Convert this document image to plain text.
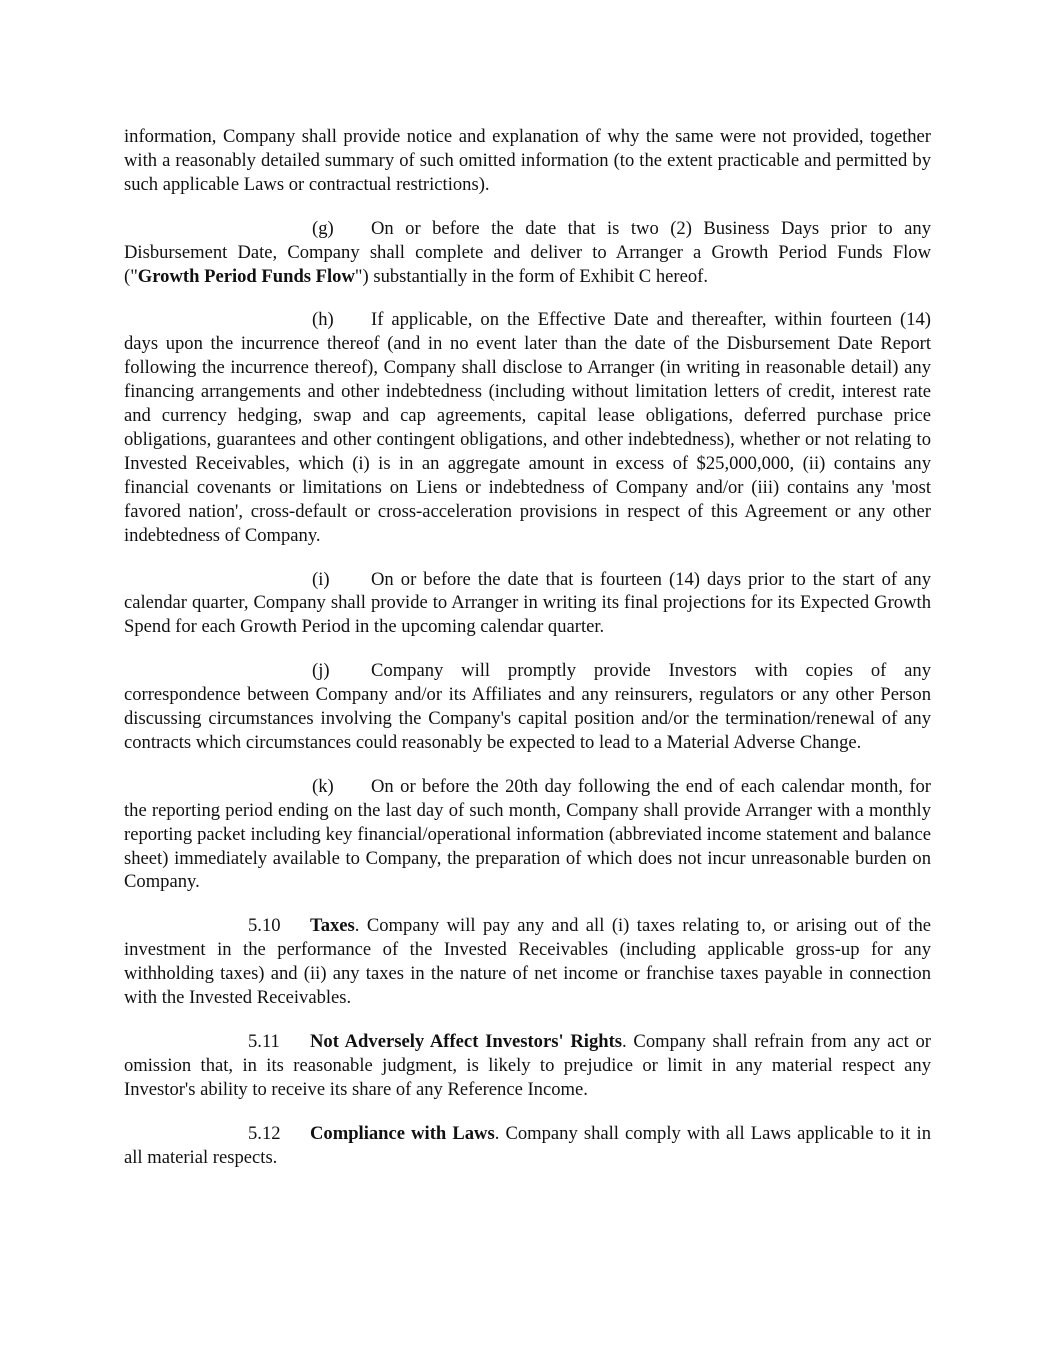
information, Company shall provide notice and explanation of why the same were not provided, together with a reasonably detailed summary of such omitted information (to the extent practicable and permitted by such applicable Laws or contractual restrictions).

(g) On or before the date that is two (2) Business Days prior to any Disbursement Date, Company shall complete and deliver to Arranger a Growth Period Funds Flow ("Growth Period Funds Flow") substantially in the form of Exhibit C hereof.

(h) If applicable, on the Effective Date and thereafter, within fourteen (14) days upon the incurrence thereof (and in no event later than the date of the Disbursement Date Report following the incurrence thereof), Company shall disclose to Arranger (in writing in reasonable detail) any financing arrangements and other indebtedness (including without limitation letters of credit, interest rate and currency hedging, swap and cap agreements, capital lease obligations, deferred purchase price obligations, guarantees and other contingent obligations, and other indebtedness), whether or not relating to Invested Receivables, which (i) is in an aggregate amount in excess of $25,000,000, (ii) contains any financial covenants or limitations on Liens or indebtedness of Company and/or (iii) contains any 'most favored nation', cross-default or cross-acceleration provisions in respect of this Agreement or any other indebtedness of Company.

(i) On or before the date that is fourteen (14) days prior to the start of any calendar quarter, Company shall provide to Arranger in writing its final projections for its Expected Growth Spend for each Growth Period in the upcoming calendar quarter.

(j) Company will promptly provide Investors with copies of any correspondence between Company and/or its Affiliates and any reinsurers, regulators or any other Person discussing circumstances involving the Company's capital position and/or the termination/renewal of any contracts which circumstances could reasonably be expected to lead to a Material Adverse Change.

(k) On or before the 20th day following the end of each calendar month, for the reporting period ending on the last day of such month, Company shall provide Arranger with a monthly reporting packet including key financial/operational information (abbreviated income statement and balance sheet) immediately available to Company, the preparation of which does not incur unreasonable burden on Company.

5.10 Taxes. Company will pay any and all (i) taxes relating to, or arising out of the investment in the performance of the Invested Receivables (including applicable gross-up for any withholding taxes) and (ii) any taxes in the nature of net income or franchise taxes payable in connection with the Invested Receivables.

5.11 Not Adversely Affect Investors' Rights. Company shall refrain from any act or omission that, in its reasonable judgment, is likely to prejudice or limit in any material respect any Investor's ability to receive its share of any Reference Income.

5.12 Compliance with Laws. Company shall comply with all Laws applicable to it in all material respects.
